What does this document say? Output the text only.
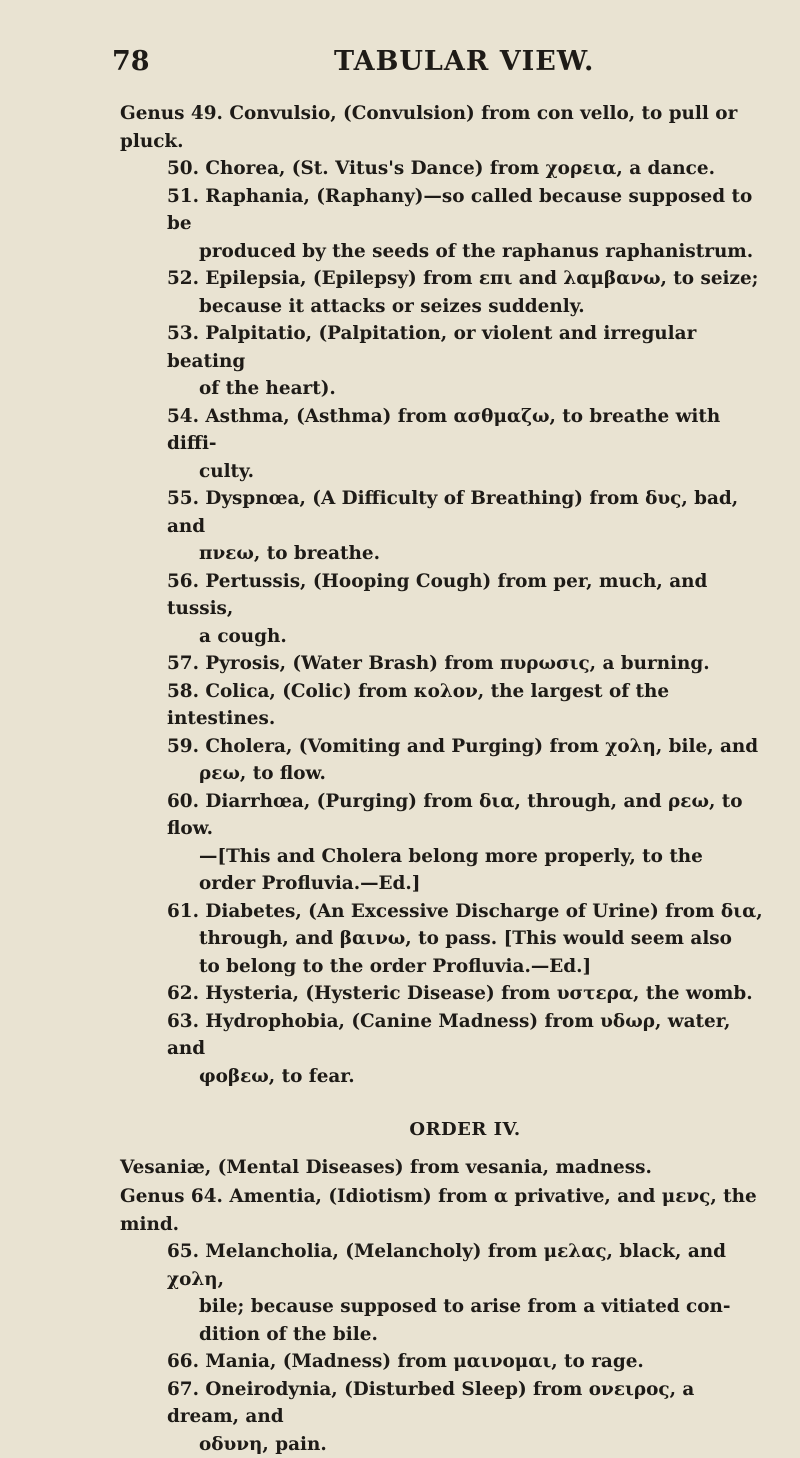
78	TABULAR VIEW.

Genus 49. Convulsio, (Convulsion) from con vello, to pull or pluck.

50. Chorea, (St. Vitus's Dance) from χορεια, a dance.

51. Raphania, (Raphany)—so called because supposed to be
produced by the seeds of the raphanus raphanistrum.

52. Epilepsia, (Epilepsy) from επι and λαμβανω, to seize;
because it attacks or seizes suddenly.

53. Palpitatio, (Palpitation, or violent and irregular beating
of the heart).

54. Asthma, (Asthma) from ασθμαζω, to breathe with diffi-
culty.

55. Dyspnœa, (A Difficulty of Breathing) from δυς, bad, and
πνεω, to breathe.

56. Pertussis, (Hooping Cough) from per, much, and tussis,
a cough.

57. Pyrosis, (Water Brash) from πυρωσις, a burning.

58. Colica, (Colic) from κολον, the largest of the intestines.

59. Cholera, (Vomiting and Purging) from χολη, bile, and
ρεω, to flow.

60. Diarrhœa, (Purging) from δια, through, and ρεω, to flow.
—[This and Cholera belong more properly, to the
order Profluvia.—Ed.]

61. Diabetes, (An Excessive Discharge of Urine) from δια,
through, and βαινω, to pass. [This would seem also
to belong to the order Profluvia.—Ed.]

62. Hysteria, (Hysteric Disease) from υστερα, the womb.

63. Hydrophobia, (Canine Madness) from υδωρ, water, and
φοβεω, to fear.

ORDER IV.
Vesaniæ, (Mental Diseases) from vesania, madness.

Genus 64. Amentia, (Idiotism) from α privative, and μενς, the mind.

65. Melancholia, (Melancholy) from μελας, black, and χολη,
bile; because supposed to arise from a vitiated con-
dition of the bile.

66. Mania, (Madness) from μαινομαι, to rage.

67. Oneirodynia, (Disturbed Sleep) from ονειρος, a dream, and
οδυνη, pain.
